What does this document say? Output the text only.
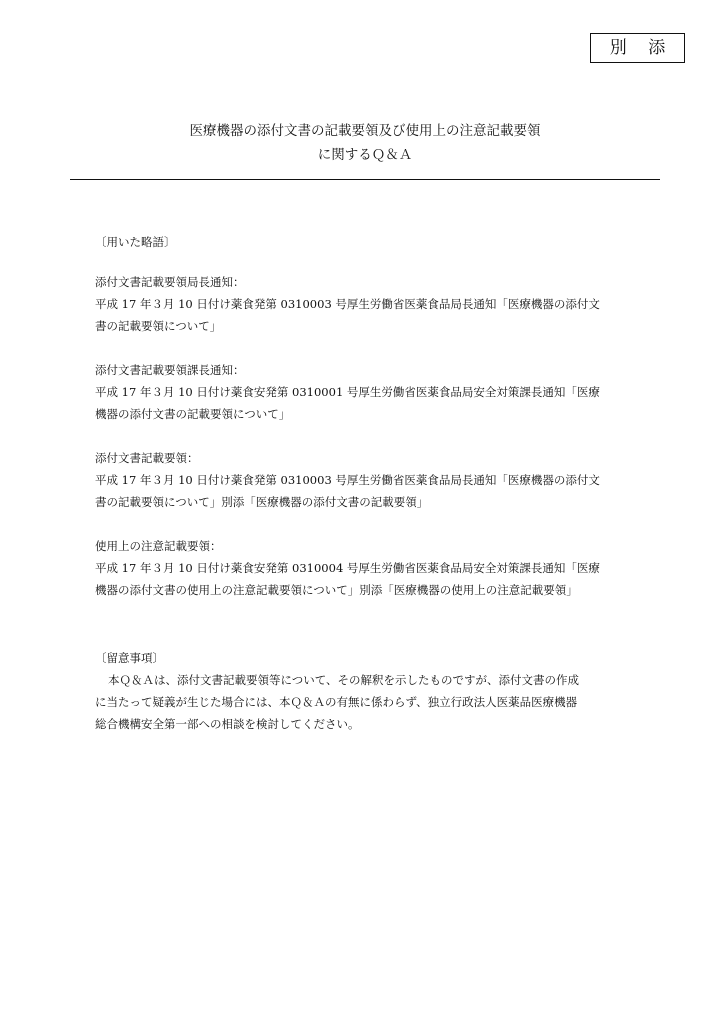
別 添
医療機器の添付文書の記載要領及び使用上の注意記載要領
に関するＱ＆Ａ
〔用いた略語〕
添付文書記載要領局長通知：
平成 17 年３月 10 日付け薬食発第 0310003 号厚生労働省医薬食品局長通知「医療機器の添付文
書の記載要領について」
添付文書記載要領課長通知：
平成 17 年３月 10 日付け薬食安発第 0310001 号厚生労働省医薬食品局安全対策課長通知「医療
機器の添付文書の記載要領について」
添付文書記載要領：
平成 17 年３月 10 日付け薬食発第 0310003 号厚生労働省医薬食品局長通知「医療機器の添付文
書の記載要領について」別添「医療機器の添付文書の記載要領」
使用上の注意記載要領：
平成 17 年３月 10 日付け薬食安発第 0310004 号厚生労働省医薬食品局安全対策課長通知「医療
機器の添付文書の使用上の注意記載要領について」別添「医療機器の使用上の注意記載要領」
〔留意事項〕
本Ｑ＆Ａは、添付文書記載要領等について、その解釈を示したものですが、添付文書の作成
に当たって疑義が生じた場合には、本Ｑ＆Ａの有無に係わらず、独立行政法人医薬品医療機器
総合機構安全第一部への相談を検討してください。
